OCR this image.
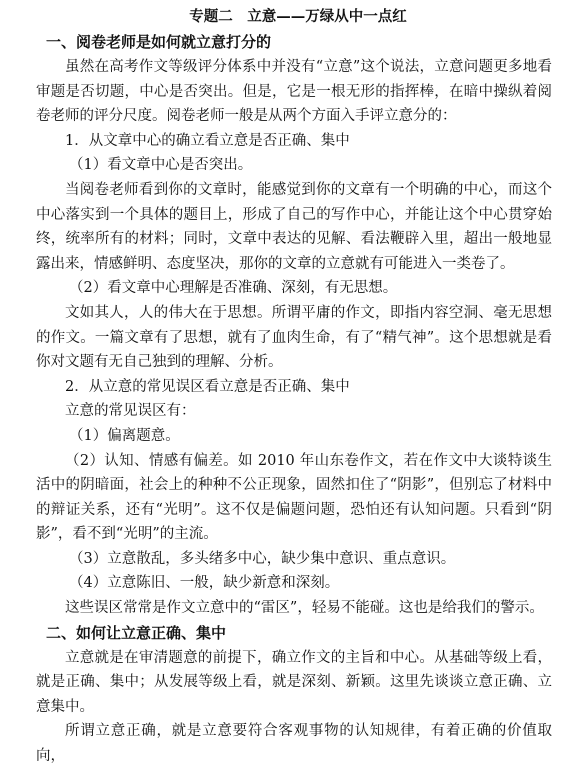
专题二　立意——万绿从中一点红
一、阅卷老师是如何就立意打分的

虽然在高考作文等级评分体系中并没有“立意”这个说法，立意问题更多地看审题是否切题，中心是否突出。但是，它是一根无形的指挥棒，在暗中操纵着阅卷老师的评分尺度。阅卷老师一般是从两个方面入手评立意分的：

1．从文章中心的确立看立意是否正确、集中

（1）看文章中心是否突出。

当阅卷老师看到你的文章时，能感觉到你的文章有一个明确的中心，而这个中心落实到一个具体的题目上，形成了自己的写作中心，并能让这个中心贯穿始终，统率所有的材料；同时，文章中表达的见解、看法鞭辟入里，超出一般地显露出来，情感鲜明、态度坚决，那你的文章的立意就有可能进入一类卷了。

（2）看文章中心理解是否准确、深刻，有无思想。

文如其人，人的伟大在于思想。所谓平庸的作文，即指内容空洞、毫无思想的作文。一篇文章有了思想，就有了血肉生命，有了“精气神”。这个思想就是看你对文题有无自己独到的理解、分析。

2．从立意的常见误区看立意是否正确、集中

立意的常见误区有：

（1）偏离题意。

（2）认知、情感有偏差。如 2010 年山东卷作文，若在作文中大谈特谈生活中的阴暗面，社会上的种种不公正现象，固然扣住了“阴影”，但别忘了材料中的辩证关系，还有“光明”。这不仅是偏题问题，恐怕还有认知问题。只看到“阴影”，看不到“光明”的主流。

（3）立意散乱，多头绪多中心，缺少集中意识、重点意识。

（4）立意陈旧、一般，缺少新意和深刻。

这些误区常常是作文立意中的“雷区”，轻易不能碰。这也是给我们的警示。

二、如何让立意正确、集中

立意就是在审清题意的前提下，确立作文的主旨和中心。从基础等级上看，就是正确、集中；从发展等级上看，就是深刻、新颖。这里先谈谈立意正确、立意集中。

所谓立意正确，就是立意要符合客观事物的认知规律，有着正确的价值取向，
